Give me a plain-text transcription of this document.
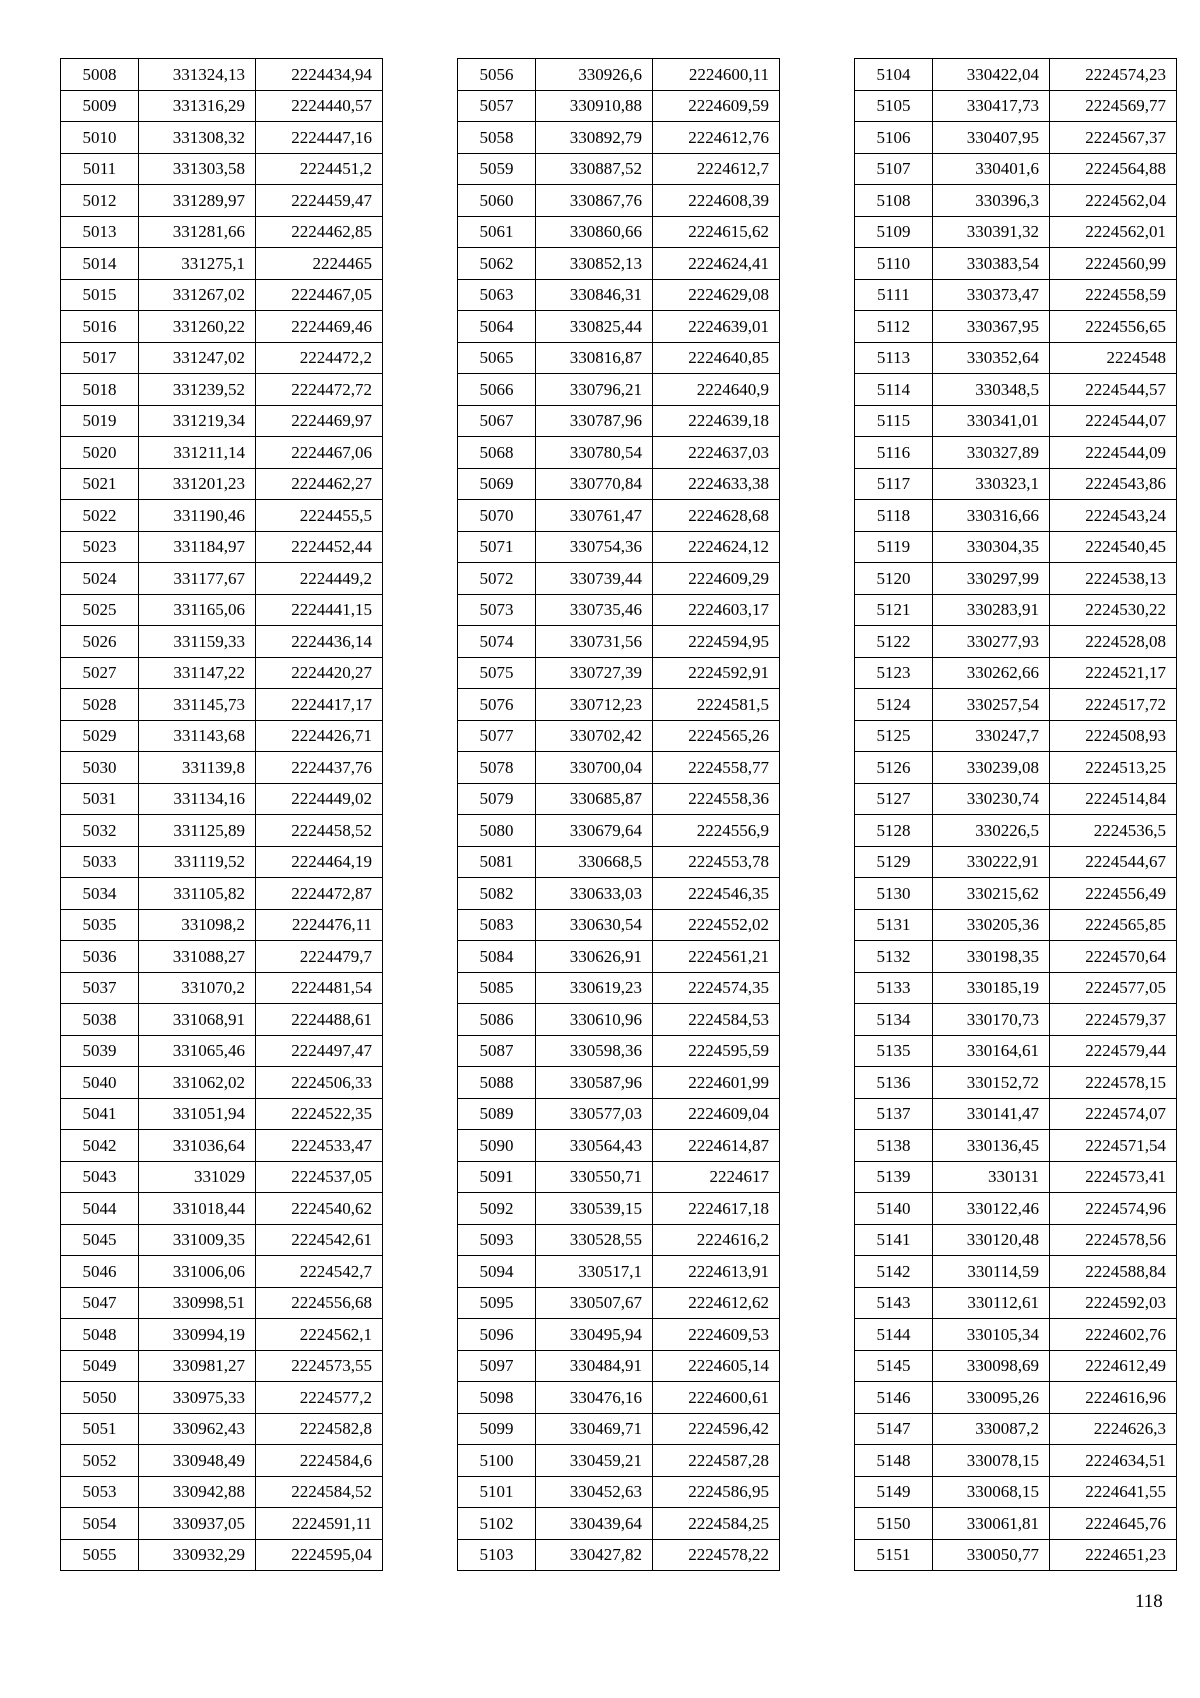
5008	331324,13	2224434,94
5009	331316,29	2224440,57
5010	331308,32	2224447,16
5011	331303,58	2224451,2
5012	331289,97	2224459,47
5013	331281,66	2224462,85
5014	331275,1	2224465
5015	331267,02	2224467,05
5016	331260,22	2224469,46
5017	331247,02	2224472,2
5018	331239,52	2224472,72
5019	331219,34	2224469,97
5020	331211,14	2224467,06
5021	331201,23	2224462,27
5022	331190,46	2224455,5
5023	331184,97	2224452,44
5024	331177,67	2224449,2
5025	331165,06	2224441,15
5026	331159,33	2224436,14
5027	331147,22	2224420,27
5028	331145,73	2224417,17
5029	331143,68	2224426,71
5030	331139,8	2224437,76
5031	331134,16	2224449,02
5032	331125,89	2224458,52
5033	331119,52	2224464,19
5034	331105,82	2224472,87
5035	331098,2	2224476,11
5036	331088,27	2224479,7
5037	331070,2	2224481,54
5038	331068,91	2224488,61
5039	331065,46	2224497,47
5040	331062,02	2224506,33
5041	331051,94	2224522,35
5042	331036,64	2224533,47
5043	331029	2224537,05
5044	331018,44	2224540,62
5045	331009,35	2224542,61
5046	331006,06	2224542,7
5047	330998,51	2224556,68
5048	330994,19	2224562,1
5049	330981,27	2224573,55
5050	330975,33	2224577,2
5051	330962,43	2224582,8
5052	330948,49	2224584,6
5053	330942,88	2224584,52
5054	330937,05	2224591,11
5055	330932,29	2224595,04
5056	330926,6	2224600,11
5057	330910,88	2224609,59
5058	330892,79	2224612,76
5059	330887,52	2224612,7
5060	330867,76	2224608,39
5061	330860,66	2224615,62
5062	330852,13	2224624,41
5063	330846,31	2224629,08
5064	330825,44	2224639,01
5065	330816,87	2224640,85
5066	330796,21	2224640,9
5067	330787,96	2224639,18
5068	330780,54	2224637,03
5069	330770,84	2224633,38
5070	330761,47	2224628,68
5071	330754,36	2224624,12
5072	330739,44	2224609,29
5073	330735,46	2224603,17
5074	330731,56	2224594,95
5075	330727,39	2224592,91
5076	330712,23	2224581,5
5077	330702,42	2224565,26
5078	330700,04	2224558,77
5079	330685,87	2224558,36
5080	330679,64	2224556,9
5081	330668,5	2224553,78
5082	330633,03	2224546,35
5083	330630,54	2224552,02
5084	330626,91	2224561,21
5085	330619,23	2224574,35
5086	330610,96	2224584,53
5087	330598,36	2224595,59
5088	330587,96	2224601,99
5089	330577,03	2224609,04
5090	330564,43	2224614,87
5091	330550,71	2224617
5092	330539,15	2224617,18
5093	330528,55	2224616,2
5094	330517,1	2224613,91
5095	330507,67	2224612,62
5096	330495,94	2224609,53
5097	330484,91	2224605,14
5098	330476,16	2224600,61
5099	330469,71	2224596,42
5100	330459,21	2224587,28
5101	330452,63	2224586,95
5102	330439,64	2224584,25
5103	330427,82	2224578,22
5104	330422,04	2224574,23
5105	330417,73	2224569,77
5106	330407,95	2224567,37
5107	330401,6	2224564,88
5108	330396,3	2224562,04
5109	330391,32	2224562,01
5110	330383,54	2224560,99
5111	330373,47	2224558,59
5112	330367,95	2224556,65
5113	330352,64	2224548
5114	330348,5	2224544,57
5115	330341,01	2224544,07
5116	330327,89	2224544,09
5117	330323,1	2224543,86
5118	330316,66	2224543,24
5119	330304,35	2224540,45
5120	330297,99	2224538,13
5121	330283,91	2224530,22
5122	330277,93	2224528,08
5123	330262,66	2224521,17
5124	330257,54	2224517,72
5125	330247,7	2224508,93
5126	330239,08	2224513,25
5127	330230,74	2224514,84
5128	330226,5	2224536,5
5129	330222,91	2224544,67
5130	330215,62	2224556,49
5131	330205,36	2224565,85
5132	330198,35	2224570,64
5133	330185,19	2224577,05
5134	330170,73	2224579,37
5135	330164,61	2224579,44
5136	330152,72	2224578,15
5137	330141,47	2224574,07
5138	330136,45	2224571,54
5139	330131	2224573,41
5140	330122,46	2224574,96
5141	330120,48	2224578,56
5142	330114,59	2224588,84
5143	330112,61	2224592,03
5144	330105,34	2224602,76
5145	330098,69	2224612,49
5146	330095,26	2224616,96
5147	330087,2	2224626,3
5148	330078,15	2224634,51
5149	330068,15	2224641,55
5150	330061,81	2224645,76
5151	330050,77	2224651,23
118
